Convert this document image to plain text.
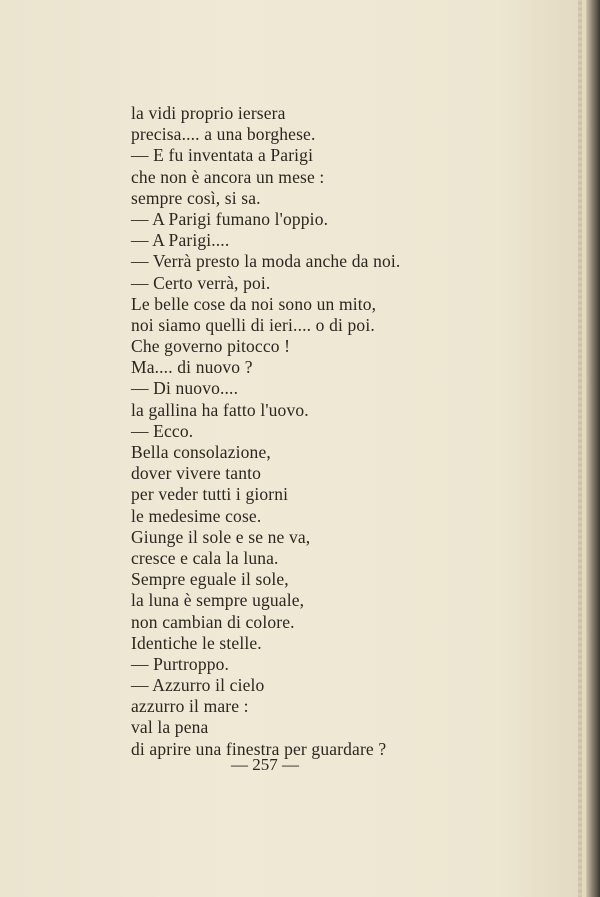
la vidi proprio iersera
precisa.... a una borghese.
— E fu inventata a Parigi
che non è ancora un mese :
sempre così, si sa.
— A Parigi fumano l'oppio.
— A Parigi....
— Verrà presto la moda anche da noi.
— Certo verrà, poi.
Le belle cose da noi sono un mito,
noi siamo quelli di ieri.... o di poi.
Che governo pitocco !
Ma.... di nuovo ?
— Di nuovo....
la gallina ha fatto l'uovo.
— Ecco.
Bella consolazione,
dover vivere tanto
per veder tutti i giorni
le medesime cose.
Giunge il sole e se ne va,
cresce e cala la luna.
Sempre eguale il sole,
la luna è sempre uguale,
non cambian di colore.
Identiche le stelle.
— Purtroppo.
— Azzurro il cielo
azzurro il mare :
val la pena
di aprire una finestra per guardare ?
— 257 —
